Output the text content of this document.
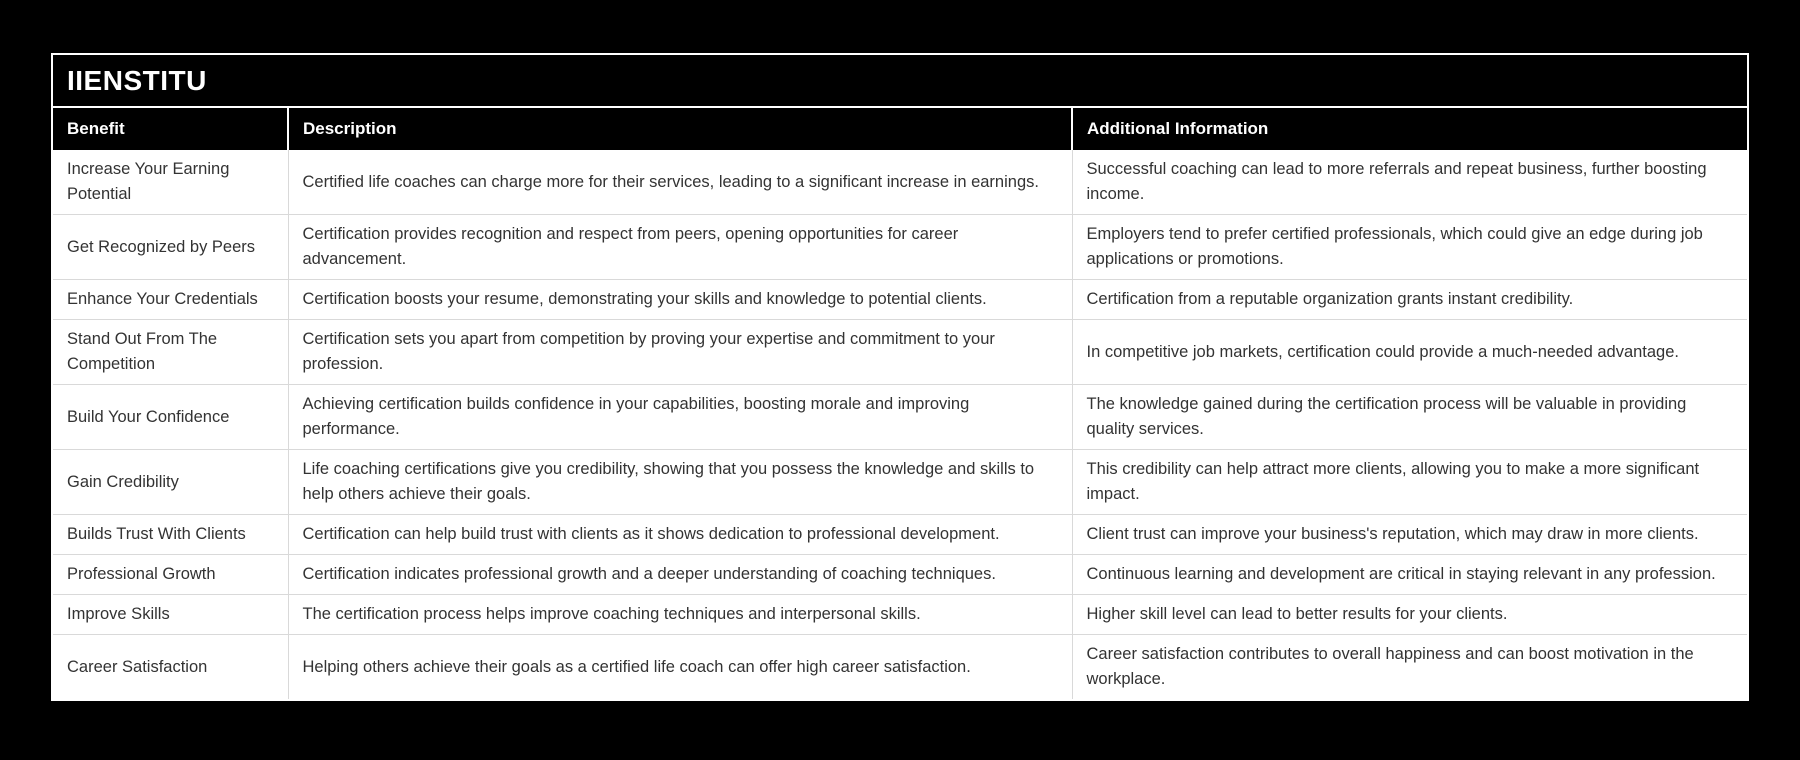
IIENSTITU
Benefit	Description	Additional Information
Increase Your Earning Potential	Certified life coaches can charge more for their services, leading to a significant increase in earnings.	Successful coaching can lead to more referrals and repeat business, further boosting income.
Get Recognized by Peers	Certification provides recognition and respect from peers, opening opportunities for career advancement.	Employers tend to prefer certified professionals, which could give an edge during job applications or promotions.
Enhance Your Credentials	Certification boosts your resume, demonstrating your skills and knowledge to potential clients.	Certification from a reputable organization grants instant credibility.
Stand Out From The Competition	Certification sets you apart from competition by proving your expertise and commitment to your profession.	In competitive job markets, certification could provide a much-needed advantage.
Build Your Confidence	Achieving certification builds confidence in your capabilities, boosting morale and improving performance.	The knowledge gained during the certification process will be valuable in providing quality services.
Gain Credibility	Life coaching certifications give you credibility, showing that you possess the knowledge and skills to help others achieve their goals.	This credibility can help attract more clients, allowing you to make a more significant impact.
Builds Trust With Clients	Certification can help build trust with clients as it shows dedication to professional development.	Client trust can improve your business's reputation, which may draw in more clients.
Professional Growth	Certification indicates professional growth and a deeper understanding of coaching techniques.	Continuous learning and development are critical in staying relevant in any profession.
Improve Skills	The certification process helps improve coaching techniques and interpersonal skills.	Higher skill level can lead to better results for your clients.
Career Satisfaction	Helping others achieve their goals as a certified life coach can offer high career satisfaction.	Career satisfaction contributes to overall happiness and can boost motivation in the workplace.
